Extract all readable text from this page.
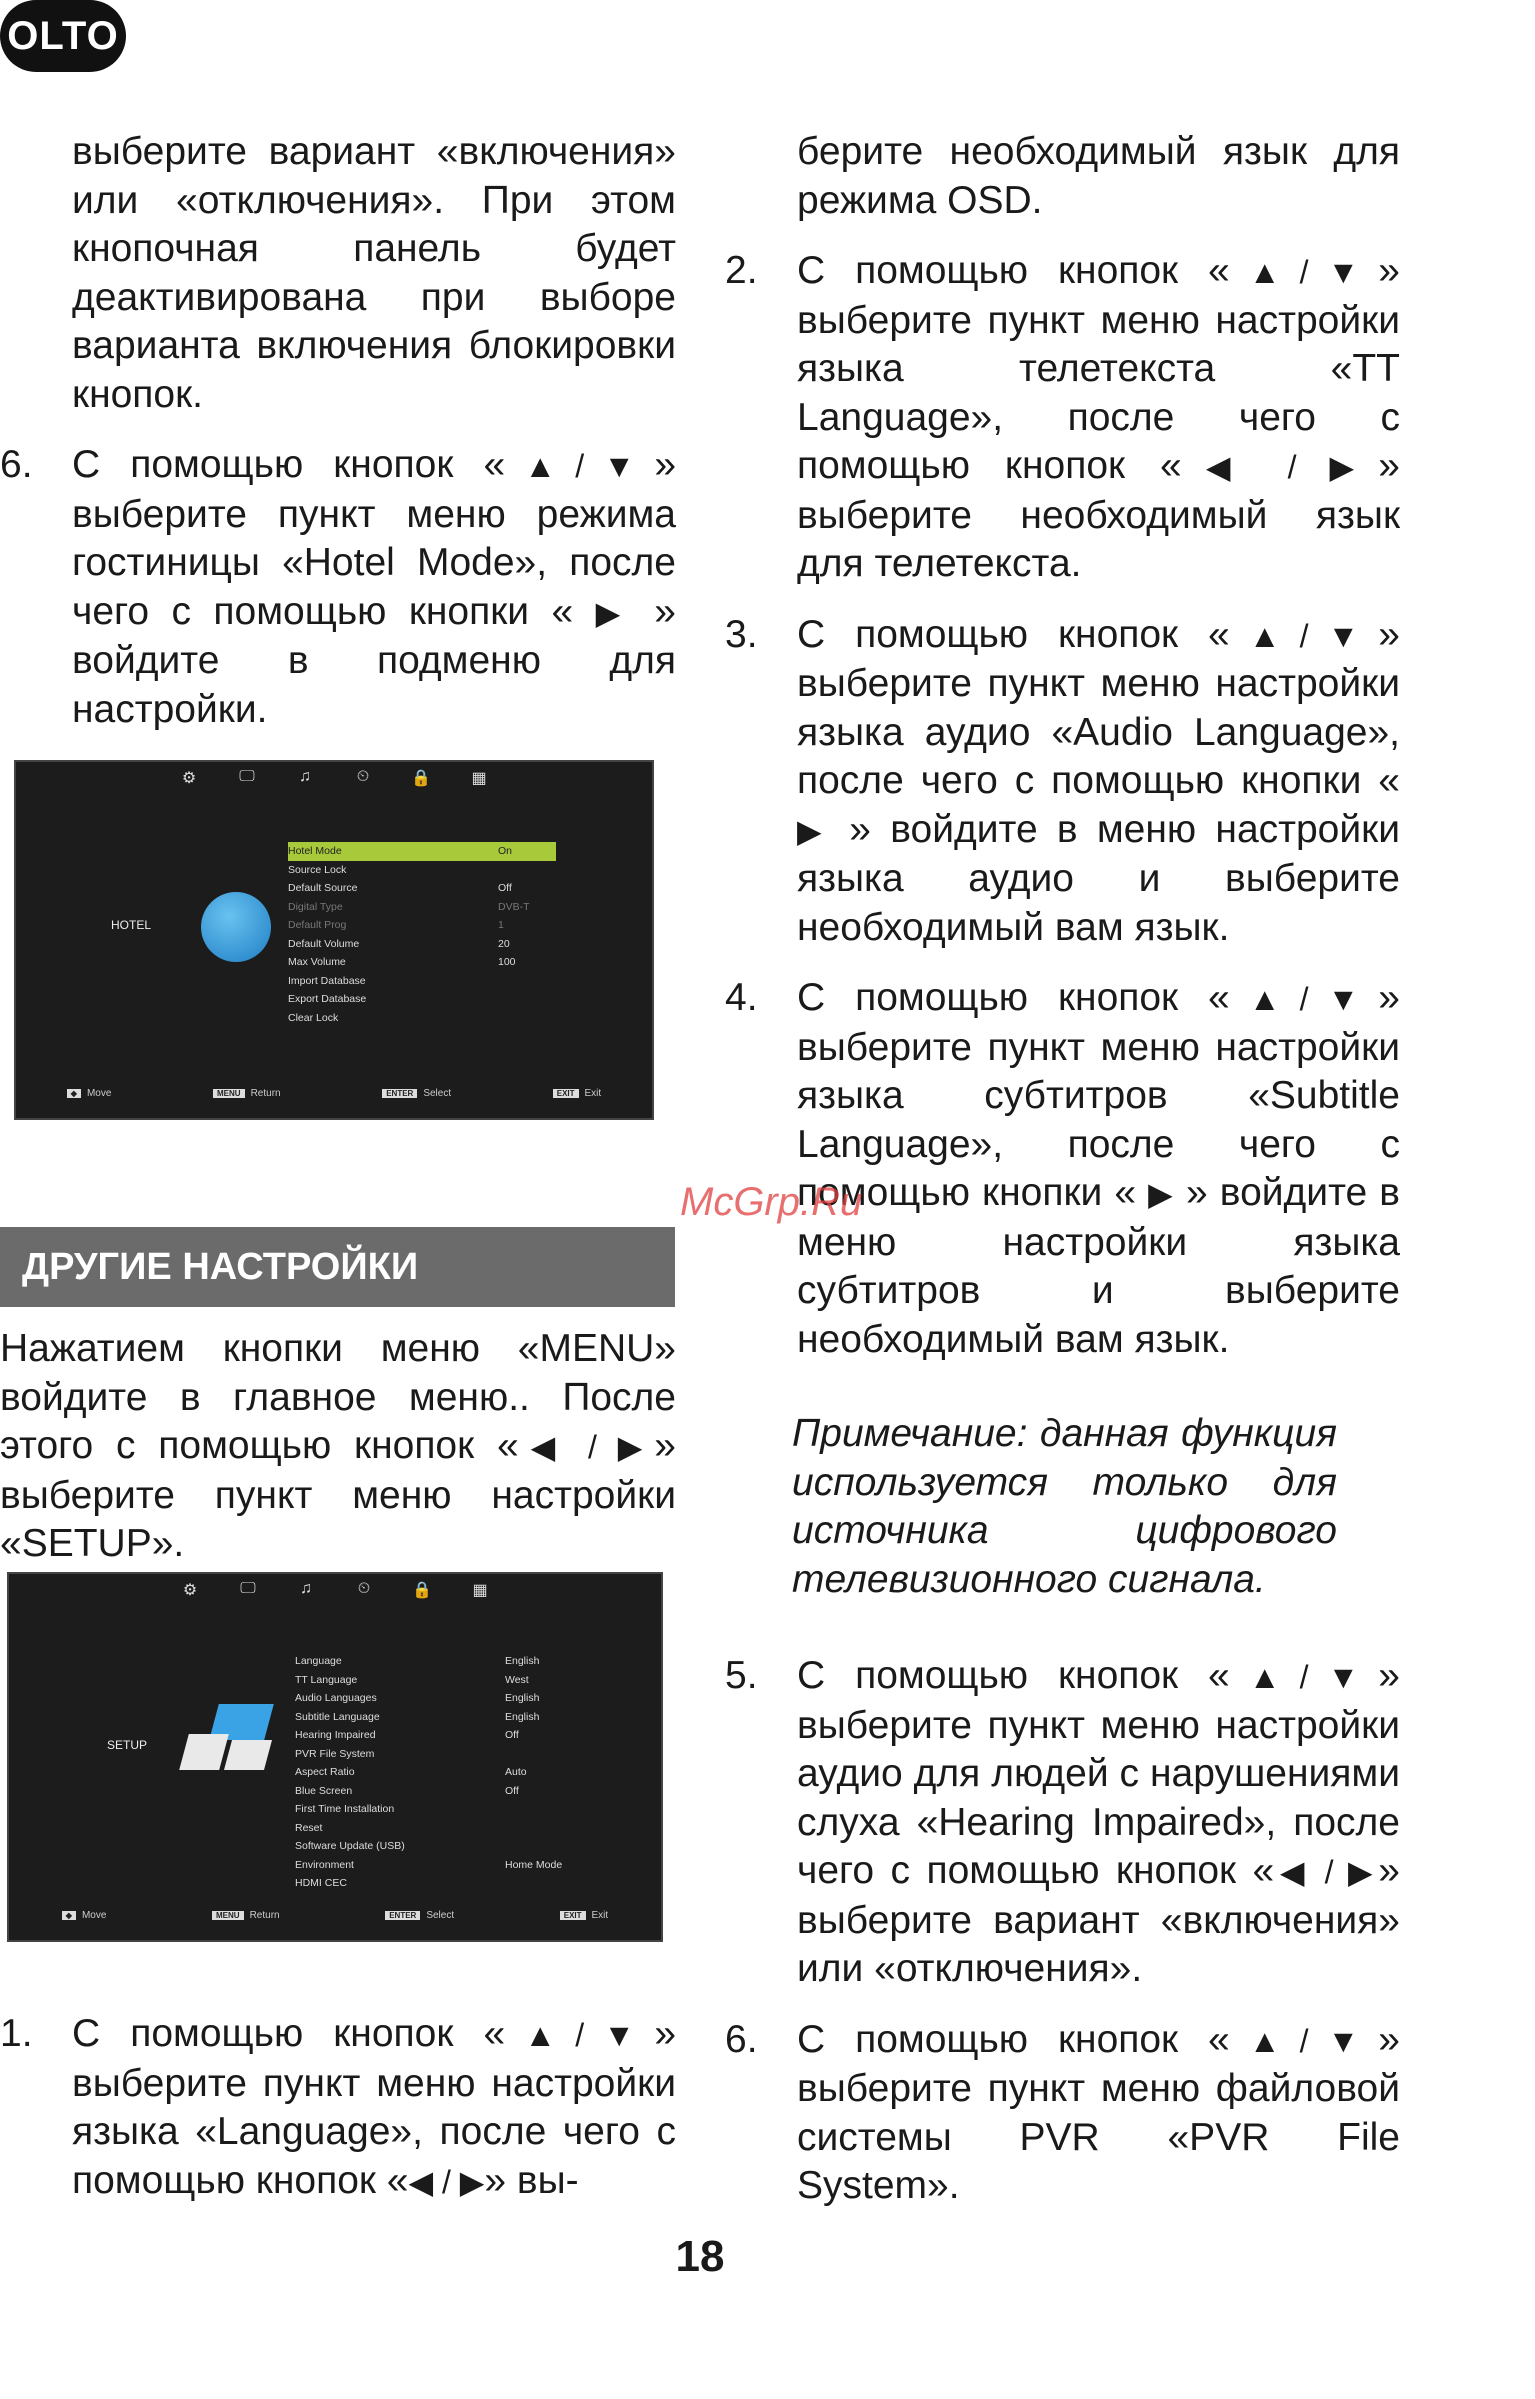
OLTO

выберите вариант «включения» или «отключения». При этом кнопочная панель будет деактивирована при выборе варианта включения блокировки кнопок.

6. С помощью кнопок «▲/▼» выберите пункт меню режима гостиницы «Hotel Mode», после чего с помощью кнопки « ▶ » войдите в подменю для настройки.

⚙	🖵	♫	⏲	🔒	▦
HOTEL
Hotel Mode	On
Source Lock
Default Source	Off
Digital Type	DVB-T
Default Prog	1
Default Volume	20
Max Volume	100
Import Database
Export Database
Clear Lock
◆ Move	MENU Return	ENTER Select	EXIT Exit
ДРУГИЕ НАСТРОЙКИ

Нажатием кнопки меню «MENU» войдите в главное меню.. После этого с помощью кнопок «◀ / ▶» выберите пункт меню настройки «SETUP».

⚙	🖵	♫	⏲	🔒	▦
SETUP
Language	English
TT Language	West
Audio Languages	English
Subtitle Language	English
Hearing Impaired	Off
PVR File System
Aspect Ratio	Auto
Blue Screen	Off
First Time Installation
Reset
Software Update (USB)
Environment	Home Mode
HDMI CEC
◆ Move	MENU Return	ENTER Select	EXIT Exit
1. С помощью кнопок «▲/▼» выберите пункт меню настройки языка «Language», после чего с помощью кнопок «◀ / ▶» вы-

берите необходимый язык для режима OSD.

2. С помощью кнопок «▲/▼» выберите пункт меню настройки языка телетекста «TT Language», после чего с помощью кнопок «◀ / ▶» выберите необходимый язык для телетекста.

3. С помощью кнопок «▲/▼» выберите пункт меню настройки языка аудио «Audio Language», после чего с помощью кнопки « ▶ » войдите в меню настройки языка аудио и выберите необходимый вам язык.

4. С помощью кнопок «▲/▼» выберите пункт меню настройки языка субтитров «Subtitle Language», после чего с помощью кнопки « ▶ » войдите в меню настройки языка субтитров и выберите необходимый вам язык.

Примечание: данная функция используется только для источника цифрового телевизионного сигнала.

5. С помощью кнопок «▲/▼» выберите пункт меню настройки аудио для людей с нарушениями слуха «Hearing Impaired», после чего с помощью кнопок «◀ / ▶» выберите вариант «включения» или «отключения».

6. С помощью кнопок «▲/▼» выберите пункт меню файловой системы PVR «PVR File System».

McGrp.Ru
18
